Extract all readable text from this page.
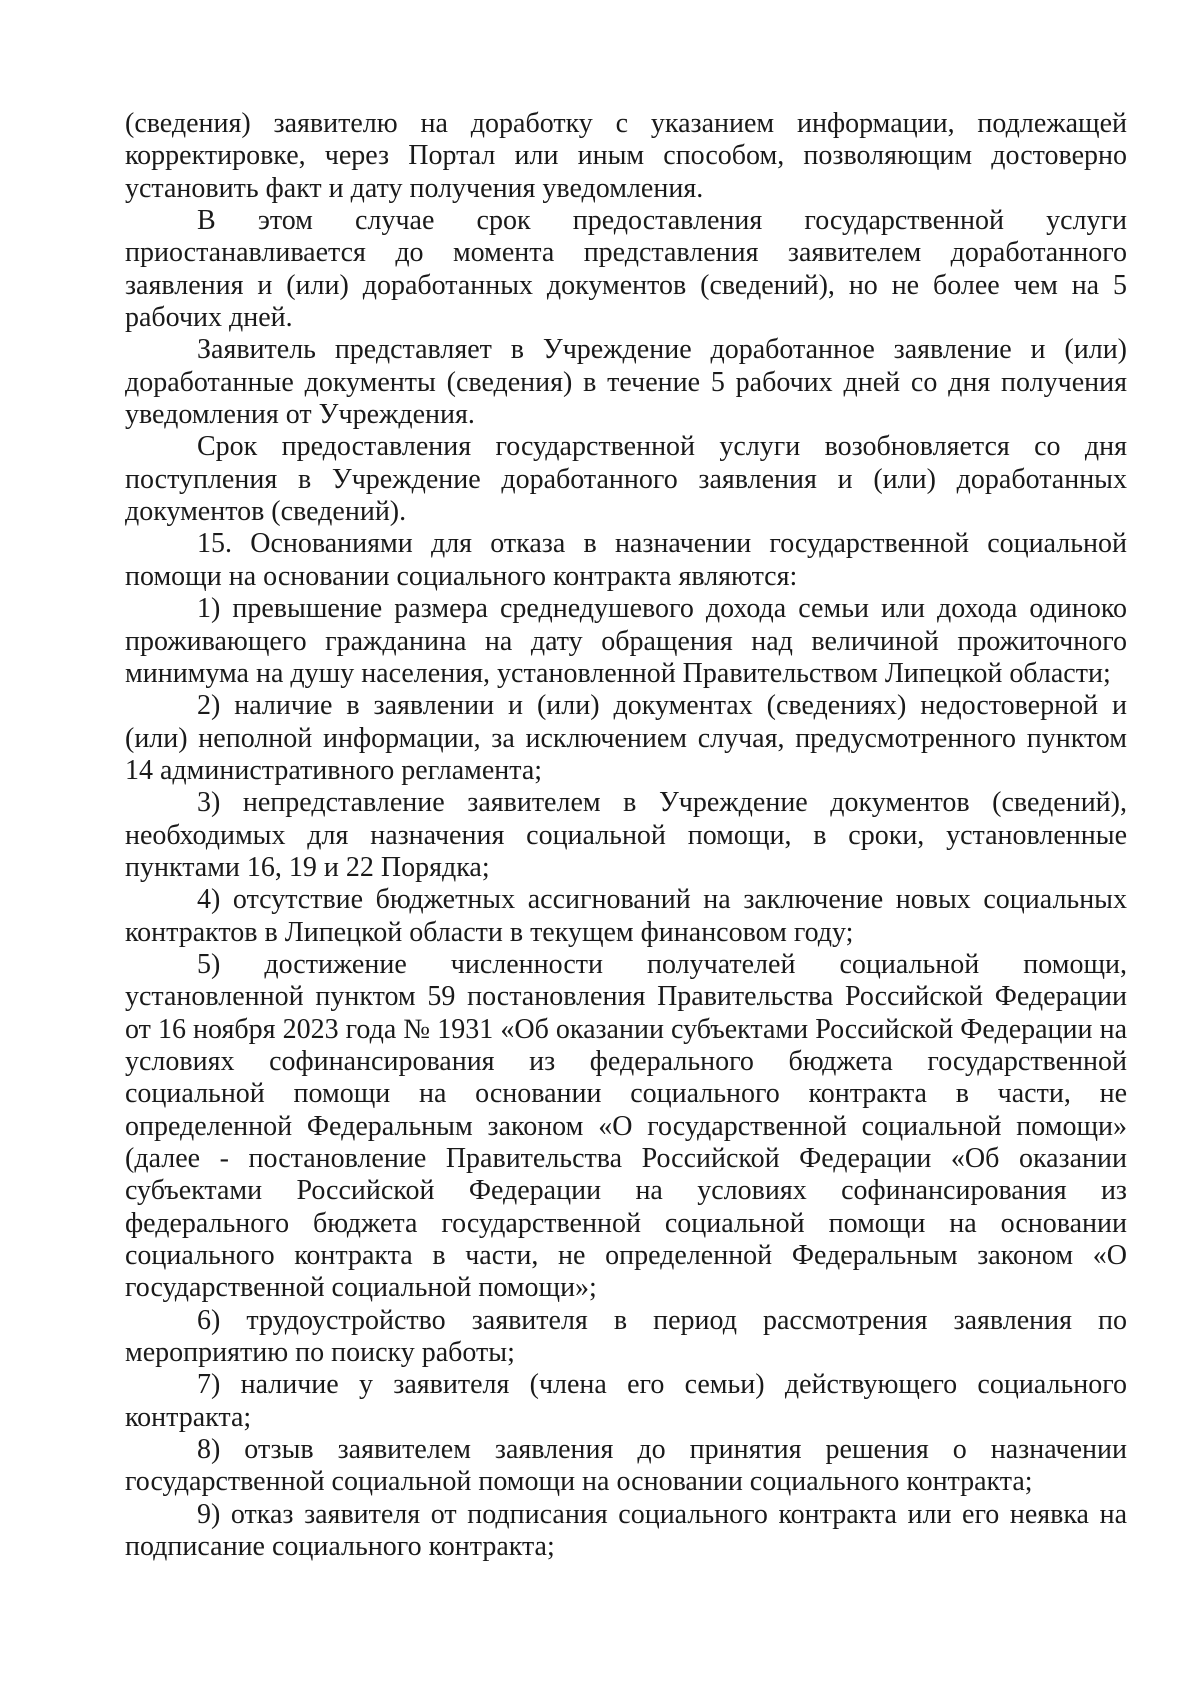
(сведения) заявителю на доработку с указанием информации, подлежащей корректировке, через Портал или иным способом, позволяющим достоверно установить факт и дату получения уведомления.

В этом случае срок предоставления государственной услуги приостанавливается до момента представления заявителем доработанного заявления и (или) доработанных документов (сведений), но не более чем на 5 рабочих дней.

Заявитель представляет в Учреждение доработанное заявление и (или) доработанные документы (сведения) в течение 5 рабочих дней со дня получения уведомления от Учреждения.

Срок предоставления государственной услуги возобновляется со дня поступления в Учреждение доработанного заявления и (или) доработанных документов (сведений).

15. Основаниями для отказа в назначении государственной социальной помощи на основании социального контракта являются:

1) превышение размера среднедушевого дохода семьи или дохода одиноко проживающего гражданина на дату обращения над величиной прожиточного минимума на душу населения, установленной Правительством Липецкой области;

2) наличие в заявлении и (или) документах (сведениях) недостоверной и (или) неполной информации, за исключением случая, предусмотренного пунктом 14 административного регламента;

3) непредставление заявителем в Учреждение документов (сведений), необходимых для назначения социальной помощи, в сроки, установленные пунктами 16, 19 и 22 Порядка;

4) отсутствие бюджетных ассигнований на заключение новых социальных контрактов в Липецкой области в текущем финансовом году;

5) достижение численности получателей социальной помощи, установленной пунктом 59 постановления Правительства Российской Федерации от 16 ноября 2023 года № 1931 «Об оказании субъектами Российской Федерации на условиях софинансирования из федерального бюджета государственной социальной помощи на основании социального контракта в части, не определенной Федеральным законом «О государственной социальной помощи» (далее - постановление Правительства Российской Федерации «Об оказании субъектами Российской Федерации на условиях софинансирования из федерального бюджета государственной социальной помощи на основании социального контракта в части, не определенной Федеральным законом «О государственной социальной помощи»;

6) трудоустройство заявителя в период рассмотрения заявления по мероприятию по поиску работы;

7) наличие у заявителя (члена его семьи) действующего социального контракта;

8) отзыв заявителем заявления до принятия решения о назначении государственной социальной помощи на основании социального контракта;

9) отказ заявителя от подписания социального контракта или его неявка на подписание социального контракта;
